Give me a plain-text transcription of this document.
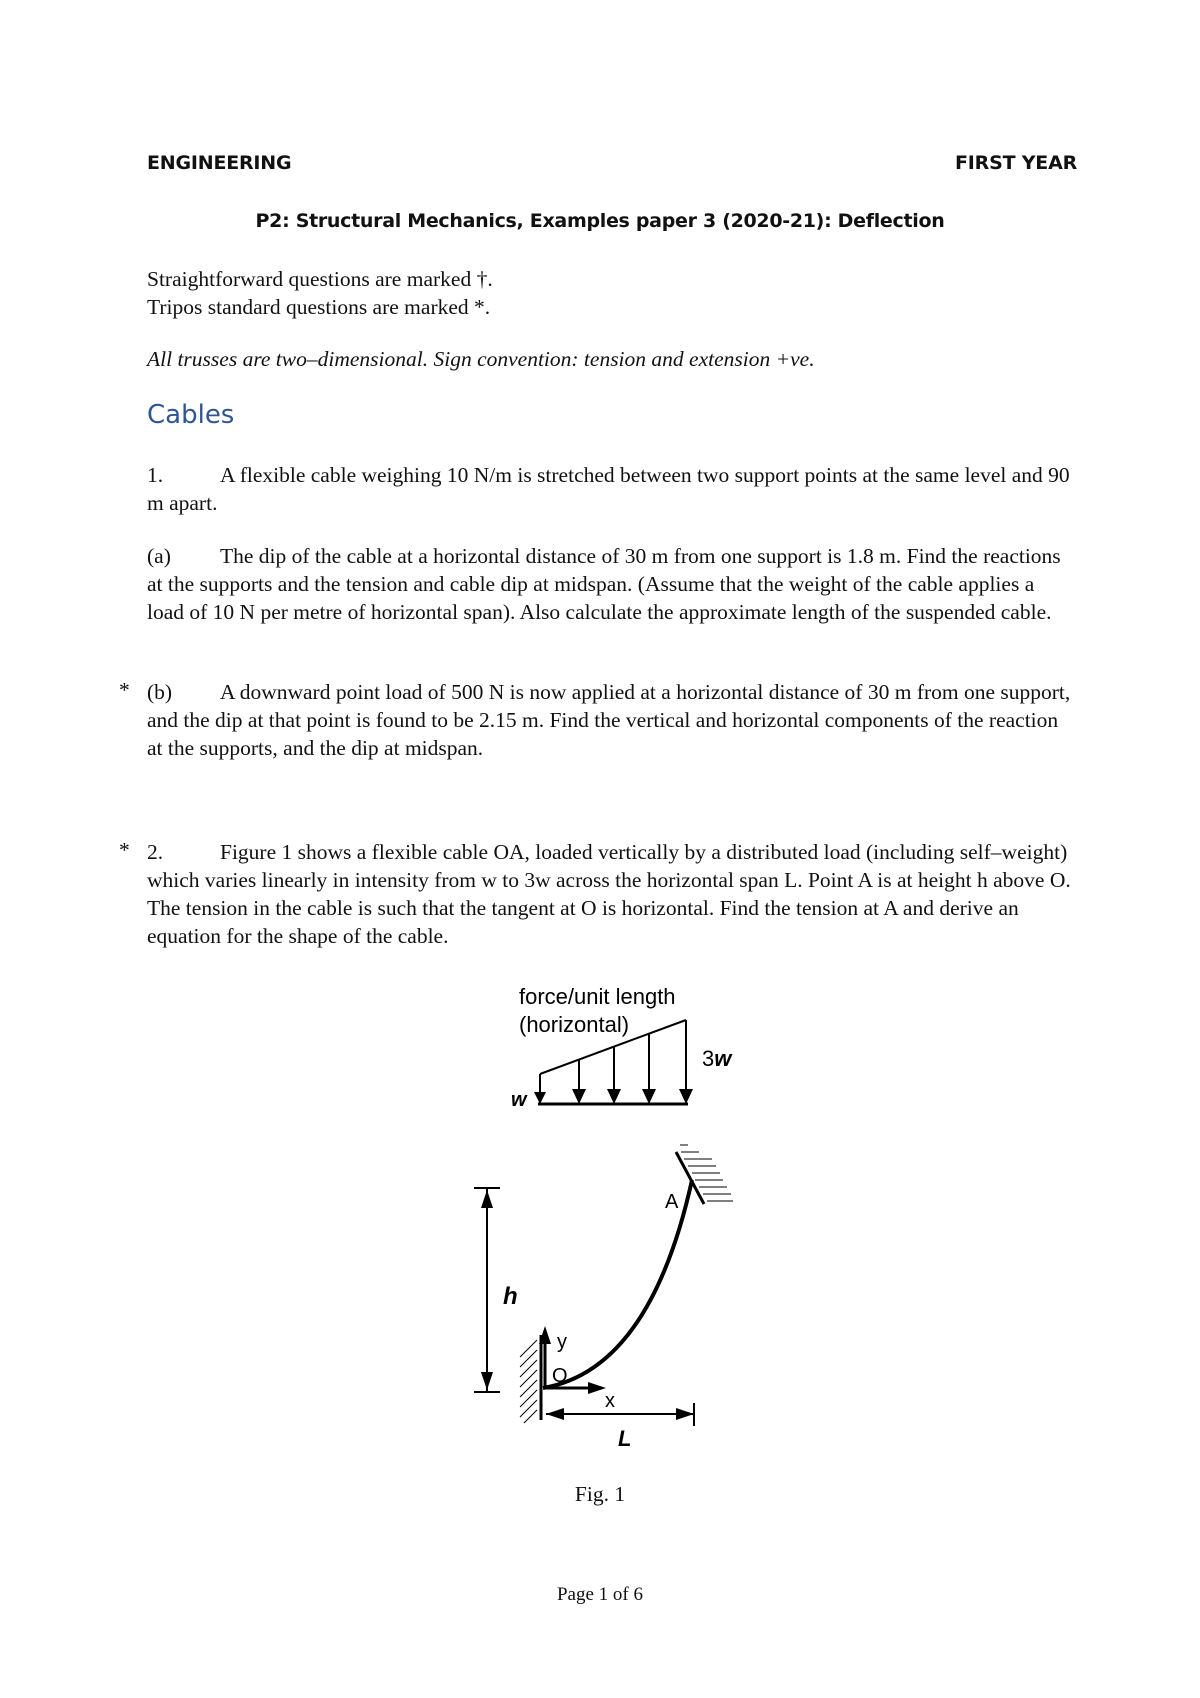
ENGINEERING	FIRST YEAR
P2: Structural Mechanics, Examples paper 3 (2020-21): Deflection
Straightforward questions are marked †.
Tripos standard questions are marked *.
All trusses are two–dimensional. Sign convention: tension and extension +ve.
Cables
1.	A flexible cable weighing 10 N/m is stretched between two support points at the same level and 90 m apart.
(a) The dip of the cable at a horizontal distance of 30 m from one support is 1.8 m. Find the reactions at the supports and the tension and cable dip at midspan. (Assume that the weight of the cable applies a load of 10 N per metre of horizontal span). Also calculate the approximate length of the suspended cable.
* (b) A downward point load of 500 N is now applied at a horizontal distance of 30 m from one support, and the dip at that point is found to be 2.15 m. Find the vertical and horizontal components of the reaction at the supports, and the dip at midspan.
* 2.	Figure 1 shows a flexible cable OA, loaded vertically by a distributed load (including self–weight) which varies linearly in intensity from w to 3w across the horizontal span L. Point A is at height h above O. The tension in the cable is such that the tangent at O is horizontal. Find the tension at A and derive an equation for the shape of the cable.
force/unit length
(horizontal)
3w
w
A
h
y
O
x
L
Fig. 1
Page 1 of 6
